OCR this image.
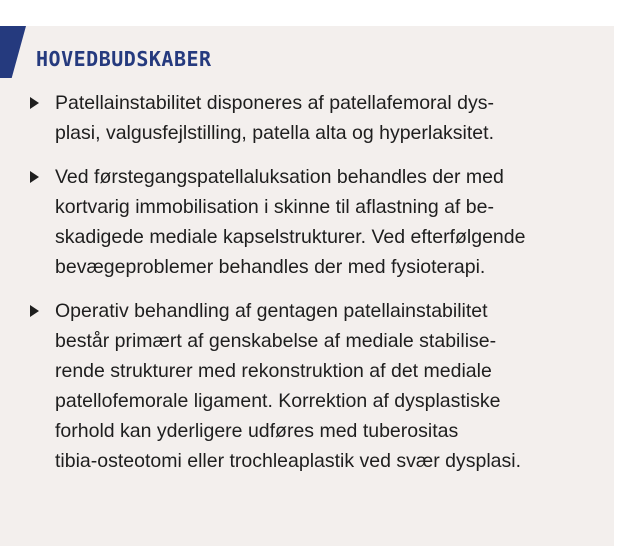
HOVEDBUDSKABER
Patellainstabilitet disponeres af patellafemoral dys-
plasi, valgusfejlstilling, patella alta og hyperlaksitet.
Ved førstegangspatellaluksation behandles der med
kortvarig immobilisation i skinne til aflastning af be-
skadigede mediale kapselstrukturer. Ved efterfølgende
bevægeproblemer behandles der med fysioterapi.
Operativ behandling af gentagen patellainstabilitet
består primært af genskabelse af mediale stabilise-
rende strukturer med rekonstruktion af det mediale
patellofemorale ligament. Korrektion af dysplastiske
forhold kan yderligere udføres med tuberositas
tibia-osteotomi eller trochleaplastik ved svær dysplasi.
